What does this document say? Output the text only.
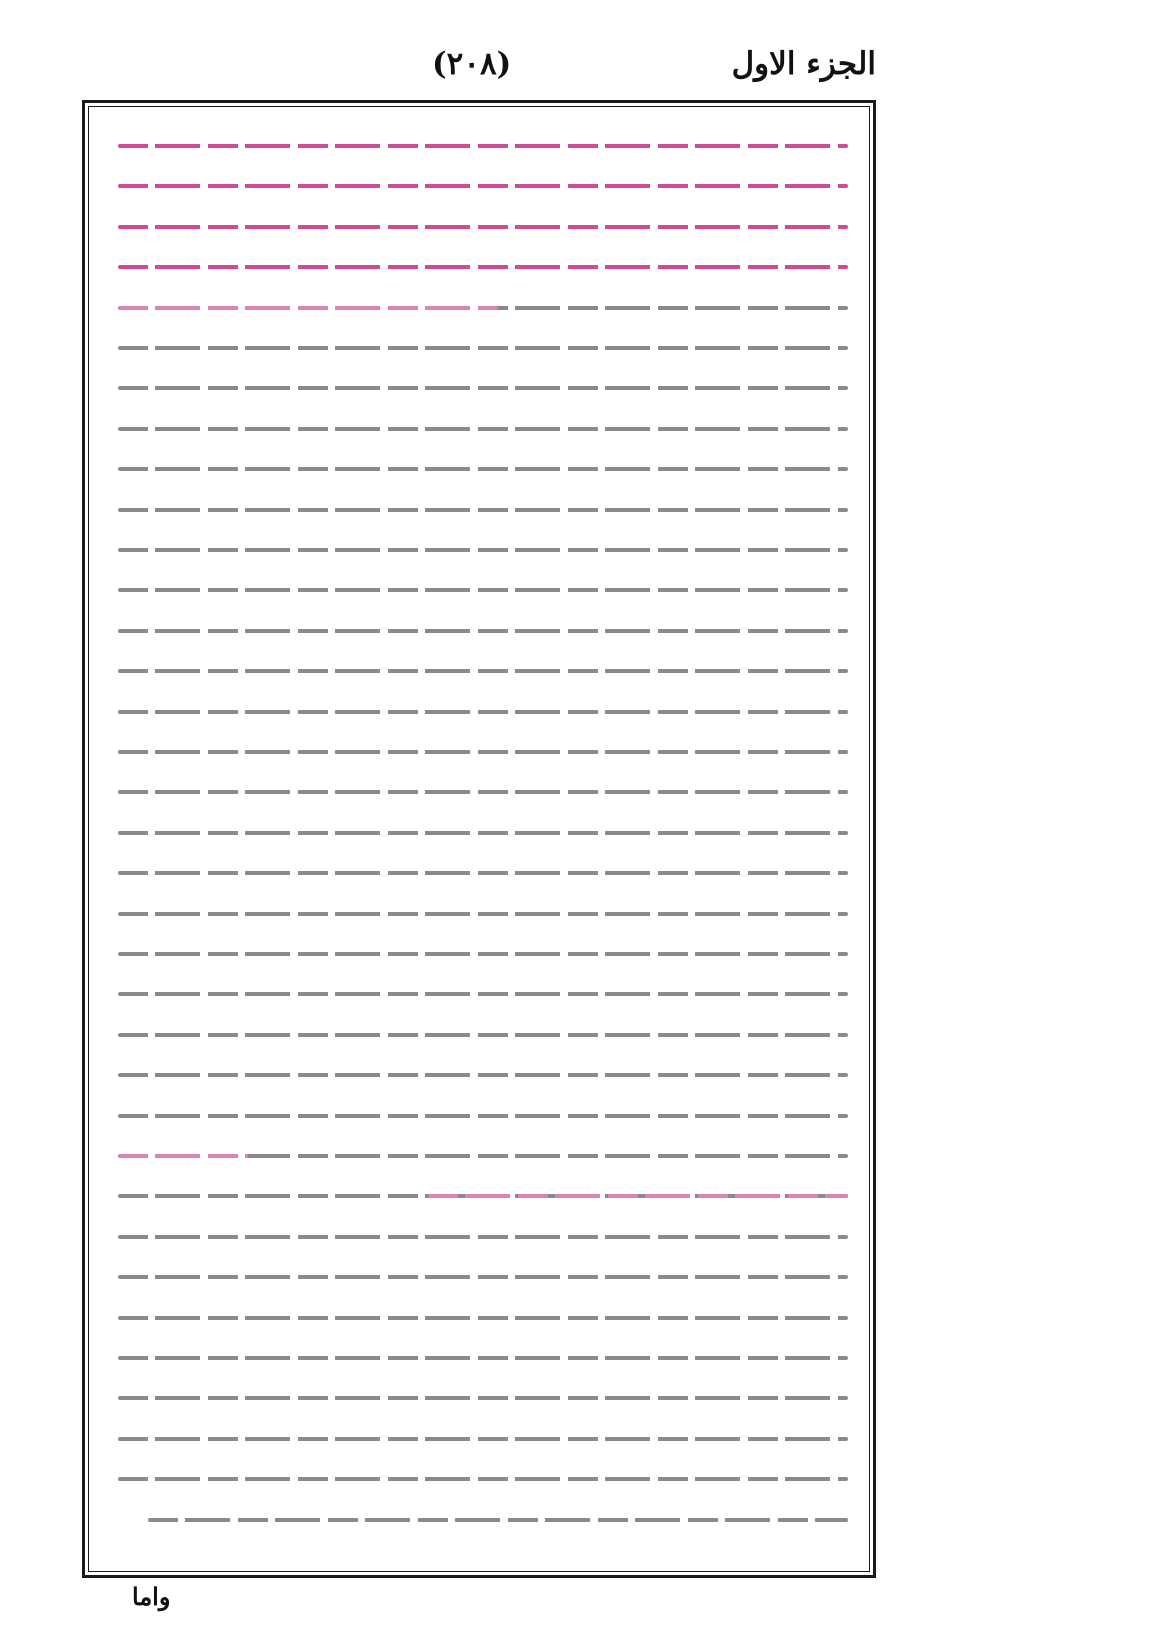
الجزء الاول
(٢٠٨)
واما
